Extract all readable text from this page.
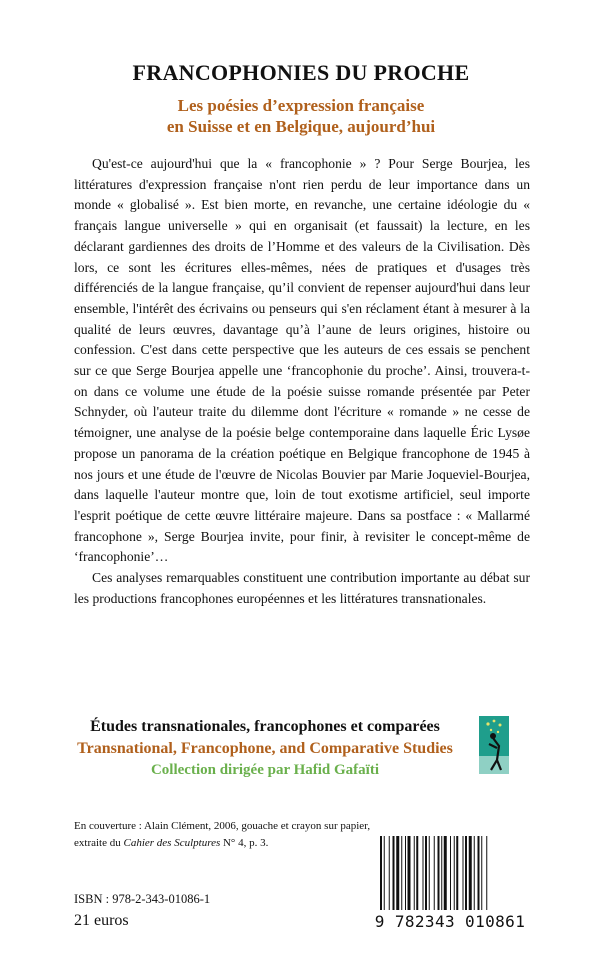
FRANCOPHONIES DU PROCHE
Les poésies d’expression française
en Suisse et en Belgique, aujourd’hui

Qu'est-ce aujourd'hui que la « francophonie » ? Pour Serge Bourjea, les littératures d'expression française n'ont rien perdu de leur importance dans un monde « globalisé ». Est bien morte, en revanche, une certaine idéologie du « français langue universelle » qui en organisait (et faussait) la lecture, en les déclarant gardiennes des droits de l’Homme et des valeurs de la Civilisation. Dès lors, ce sont les écritures elles-mêmes, nées de pratiques et d'usages très différenciés de la langue française, qu’il convient de repenser aujourd'hui dans leur ensemble, l'intérêt des écrivains ou penseurs qui s'en réclament étant à mesurer à la qualité de leurs œuvres, davantage qu’à l’aune de leurs origines, histoire ou confession. C'est dans cette perspective que les auteurs de ces essais se penchent sur ce que Serge Bourjea appelle une ‘francophonie du proche’. Ainsi, trouvera-t-on dans ce volume une étude de la poésie suisse romande présentée par Peter Schnyder, où l'auteur traite du dilemme dont l'écriture « romande » ne cesse de témoigner, une analyse de la poésie belge contemporaine dans laquelle Éric Lysøe propose un panorama de la création poétique en Belgique francophone de 1945 à nos jours et une étude de l'œuvre de Nicolas Bouvier par Marie Joqueviel-Bourjea, dans laquelle l'auteur montre que, loin de tout exotisme artificiel, seul importe l'esprit poétique de cette œuvre littéraire majeure. Dans sa postface : « Mallarmé francophone », Serge Bourjea invite, pour finir, à revisiter le concept-même de ‘francophonie’…

Ces analyses remarquables constituent une contribution importante au débat sur les productions francophones européennes et les littératures transnationales.

Études transnationales, francophones et comparées
Transnational, Francophone, and Comparative Studies
Collection dirigée par Hafid Gafaïti
En couverture : Alain Clément, 2006, gouache et crayon sur papier,
extraite du Cahier des Sculptures N° 4, p. 3.
ISBN : 978-2-343-01086-1
21 euros	9 782343 010861
